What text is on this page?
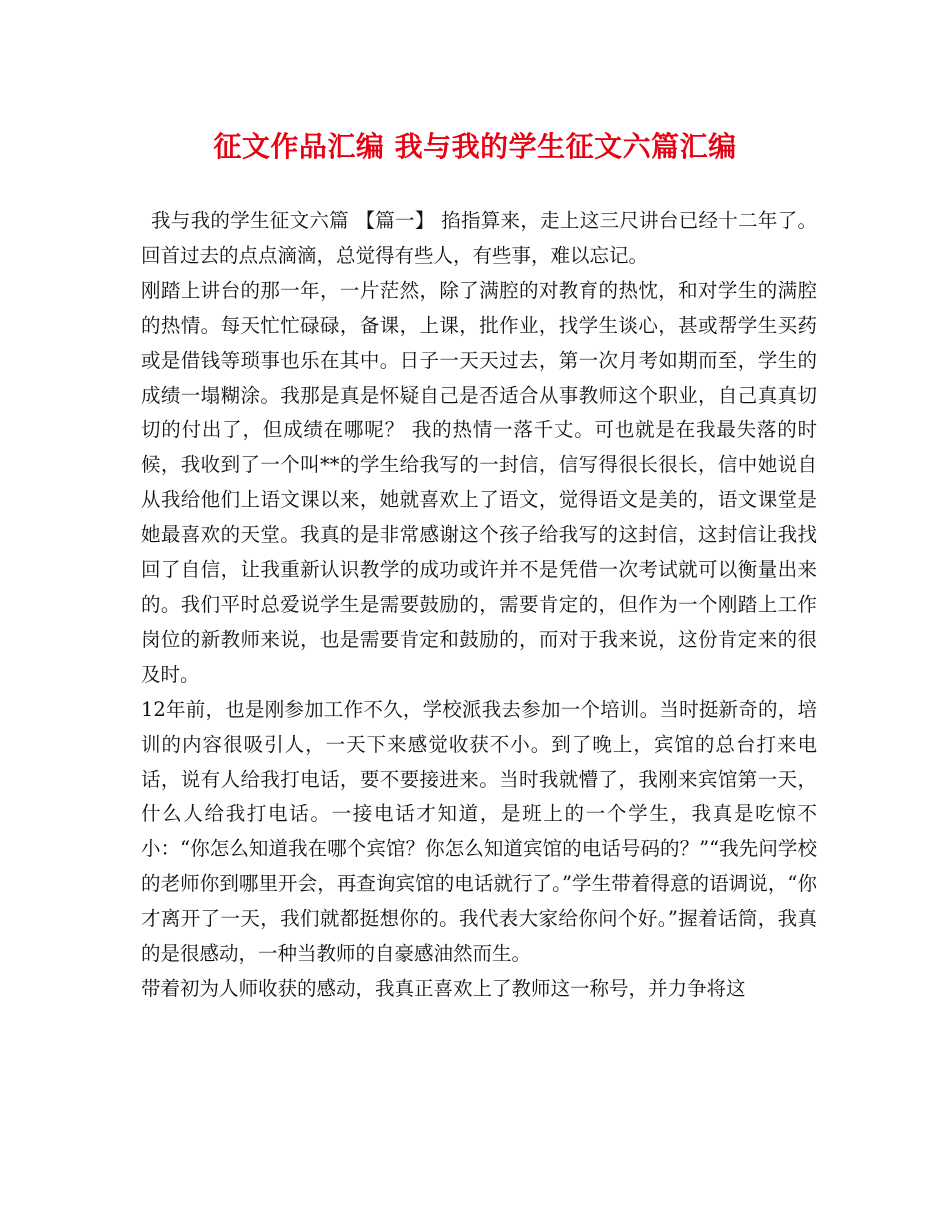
征文作品汇编 我与我的学生征文六篇汇编

我与我的学生征文六篇 【篇一】 掐指算来，走上这三尺讲台已经十二年了。回首过去的点点滴滴，总觉得有些人，有些事，难以忘记。

刚踏上讲台的那一年，一片茫然，除了满腔的对教育的热忱，和对学生的满腔的热情。每天忙忙碌碌，备课，上课，批作业，找学生谈心，甚或帮学生买药或是借钱等琐事也乐在其中。日子一天天过去，第一次月考如期而至，学生的成绩一塌糊涂。我那是真是怀疑自己是否适合从事教师这个职业，自己真真切切的付出了，但成绩在哪呢？ 我的热情一落千丈。可也就是在我最失落的时候，我收到了一个叫**的学生给我写的一封信，信写得很长很长，信中她说自从我给他们上语文课以来，她就喜欢上了语文，觉得语文是美的，语文课堂是她最喜欢的天堂。我真的是非常感谢这个孩子给我写的这封信，这封信让我找回了自信，让我重新认识教学的成功或许并不是凭借一次考试就可以衡量出来的。我们平时总爱说学生是需要鼓励的，需要肯定的，但作为一个刚踏上工作岗位的新教师来说，也是需要肯定和鼓励的，而对于我来说，这份肯定来的很及时。

12年前，也是刚参加工作不久，学校派我去参加一个培训。当时挺新奇的，培训的内容很吸引人，一天下来感觉收获不小。到了晚上，宾馆的总台打来电话，说有人给我打电话，要不要接进来。当时我就懵了，我刚来宾馆第一天，什么人给我打电话。一接电话才知道，是班上的一个学生，我真是吃惊不小：“你怎么知道我在哪个宾馆？你怎么知道宾馆的电话号码的？”“我先问学校的老师你到哪里开会，再查询宾馆的电话就行了。”学生带着得意的语调说，“你才离开了一天，我们就都挺想你的。我代表大家给你问个好。”握着话筒，我真的是很感动，一种当教师的自豪感油然而生。

带着初为人师收获的感动，我真正喜欢上了教师这一称号，并力争将这
